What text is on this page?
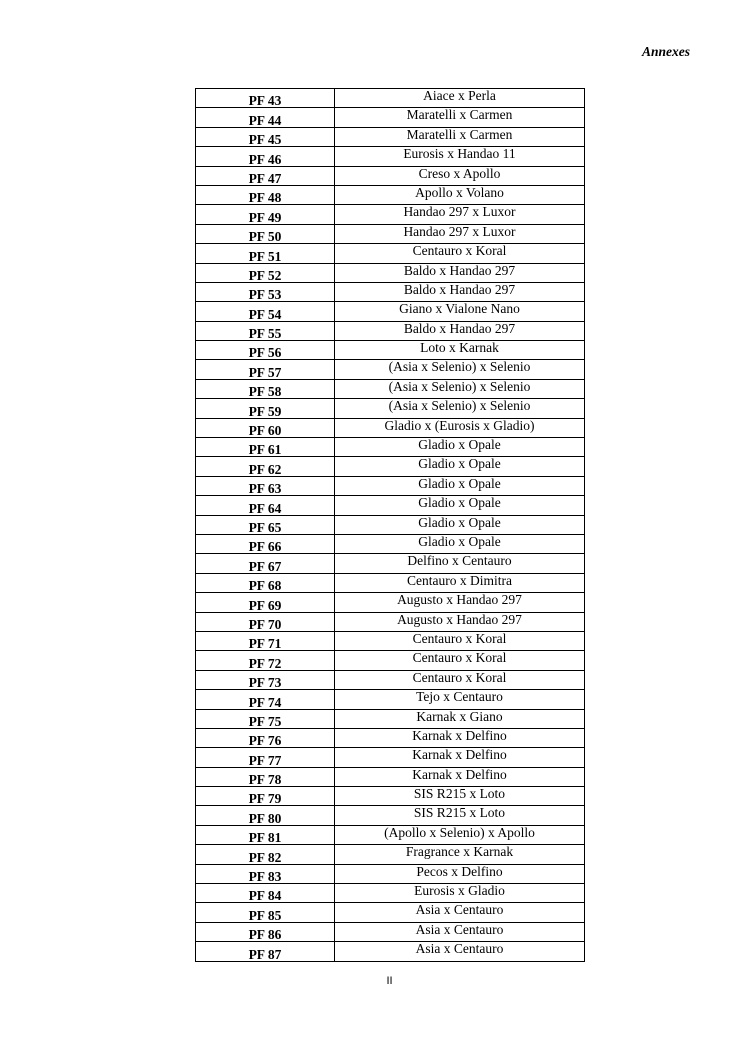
Annexes
PF 43	Aiace x Perla
PF 44	Maratelli x Carmen
PF 45	Maratelli x Carmen
PF 46	Eurosis x Handao 11
PF 47	Creso x Apollo
PF 48	Apollo x Volano
PF 49	Handao 297 x Luxor
PF 50	Handao 297 x Luxor
PF 51	Centauro x Koral
PF 52	Baldo x Handao 297
PF 53	Baldo x Handao 297
PF 54	Giano x Vialone Nano
PF 55	Baldo x Handao 297
PF 56	Loto x Karnak
PF 57	(Asia x Selenio) x Selenio
PF 58	(Asia x Selenio) x Selenio
PF 59	(Asia x Selenio) x Selenio
PF 60	Gladio x (Eurosis x Gladio)
PF 61	Gladio x Opale
PF 62	Gladio x Opale
PF 63	Gladio x Opale
PF 64	Gladio x Opale
PF 65	Gladio x Opale
PF 66	Gladio x Opale
PF 67	Delfino x Centauro
PF 68	Centauro x Dimitra
PF 69	Augusto x Handao 297
PF 70	Augusto x Handao 297
PF 71	Centauro x Koral
PF 72	Centauro x Koral
PF 73	Centauro x Koral
PF 74	Tejo x Centauro
PF 75	Karnak x Giano
PF 76	Karnak x Delfino
PF 77	Karnak x Delfino
PF 78	Karnak x Delfino
PF 79	SIS R215 x Loto
PF 80	SIS R215 x Loto
PF 81	(Apollo x Selenio) x Apollo
PF 82	Fragrance x Karnak
PF 83	Pecos x Delfino
PF 84	Eurosis x Gladio
PF 85	Asia x Centauro
PF 86	Asia x Centauro
PF 87	Asia x Centauro
II
